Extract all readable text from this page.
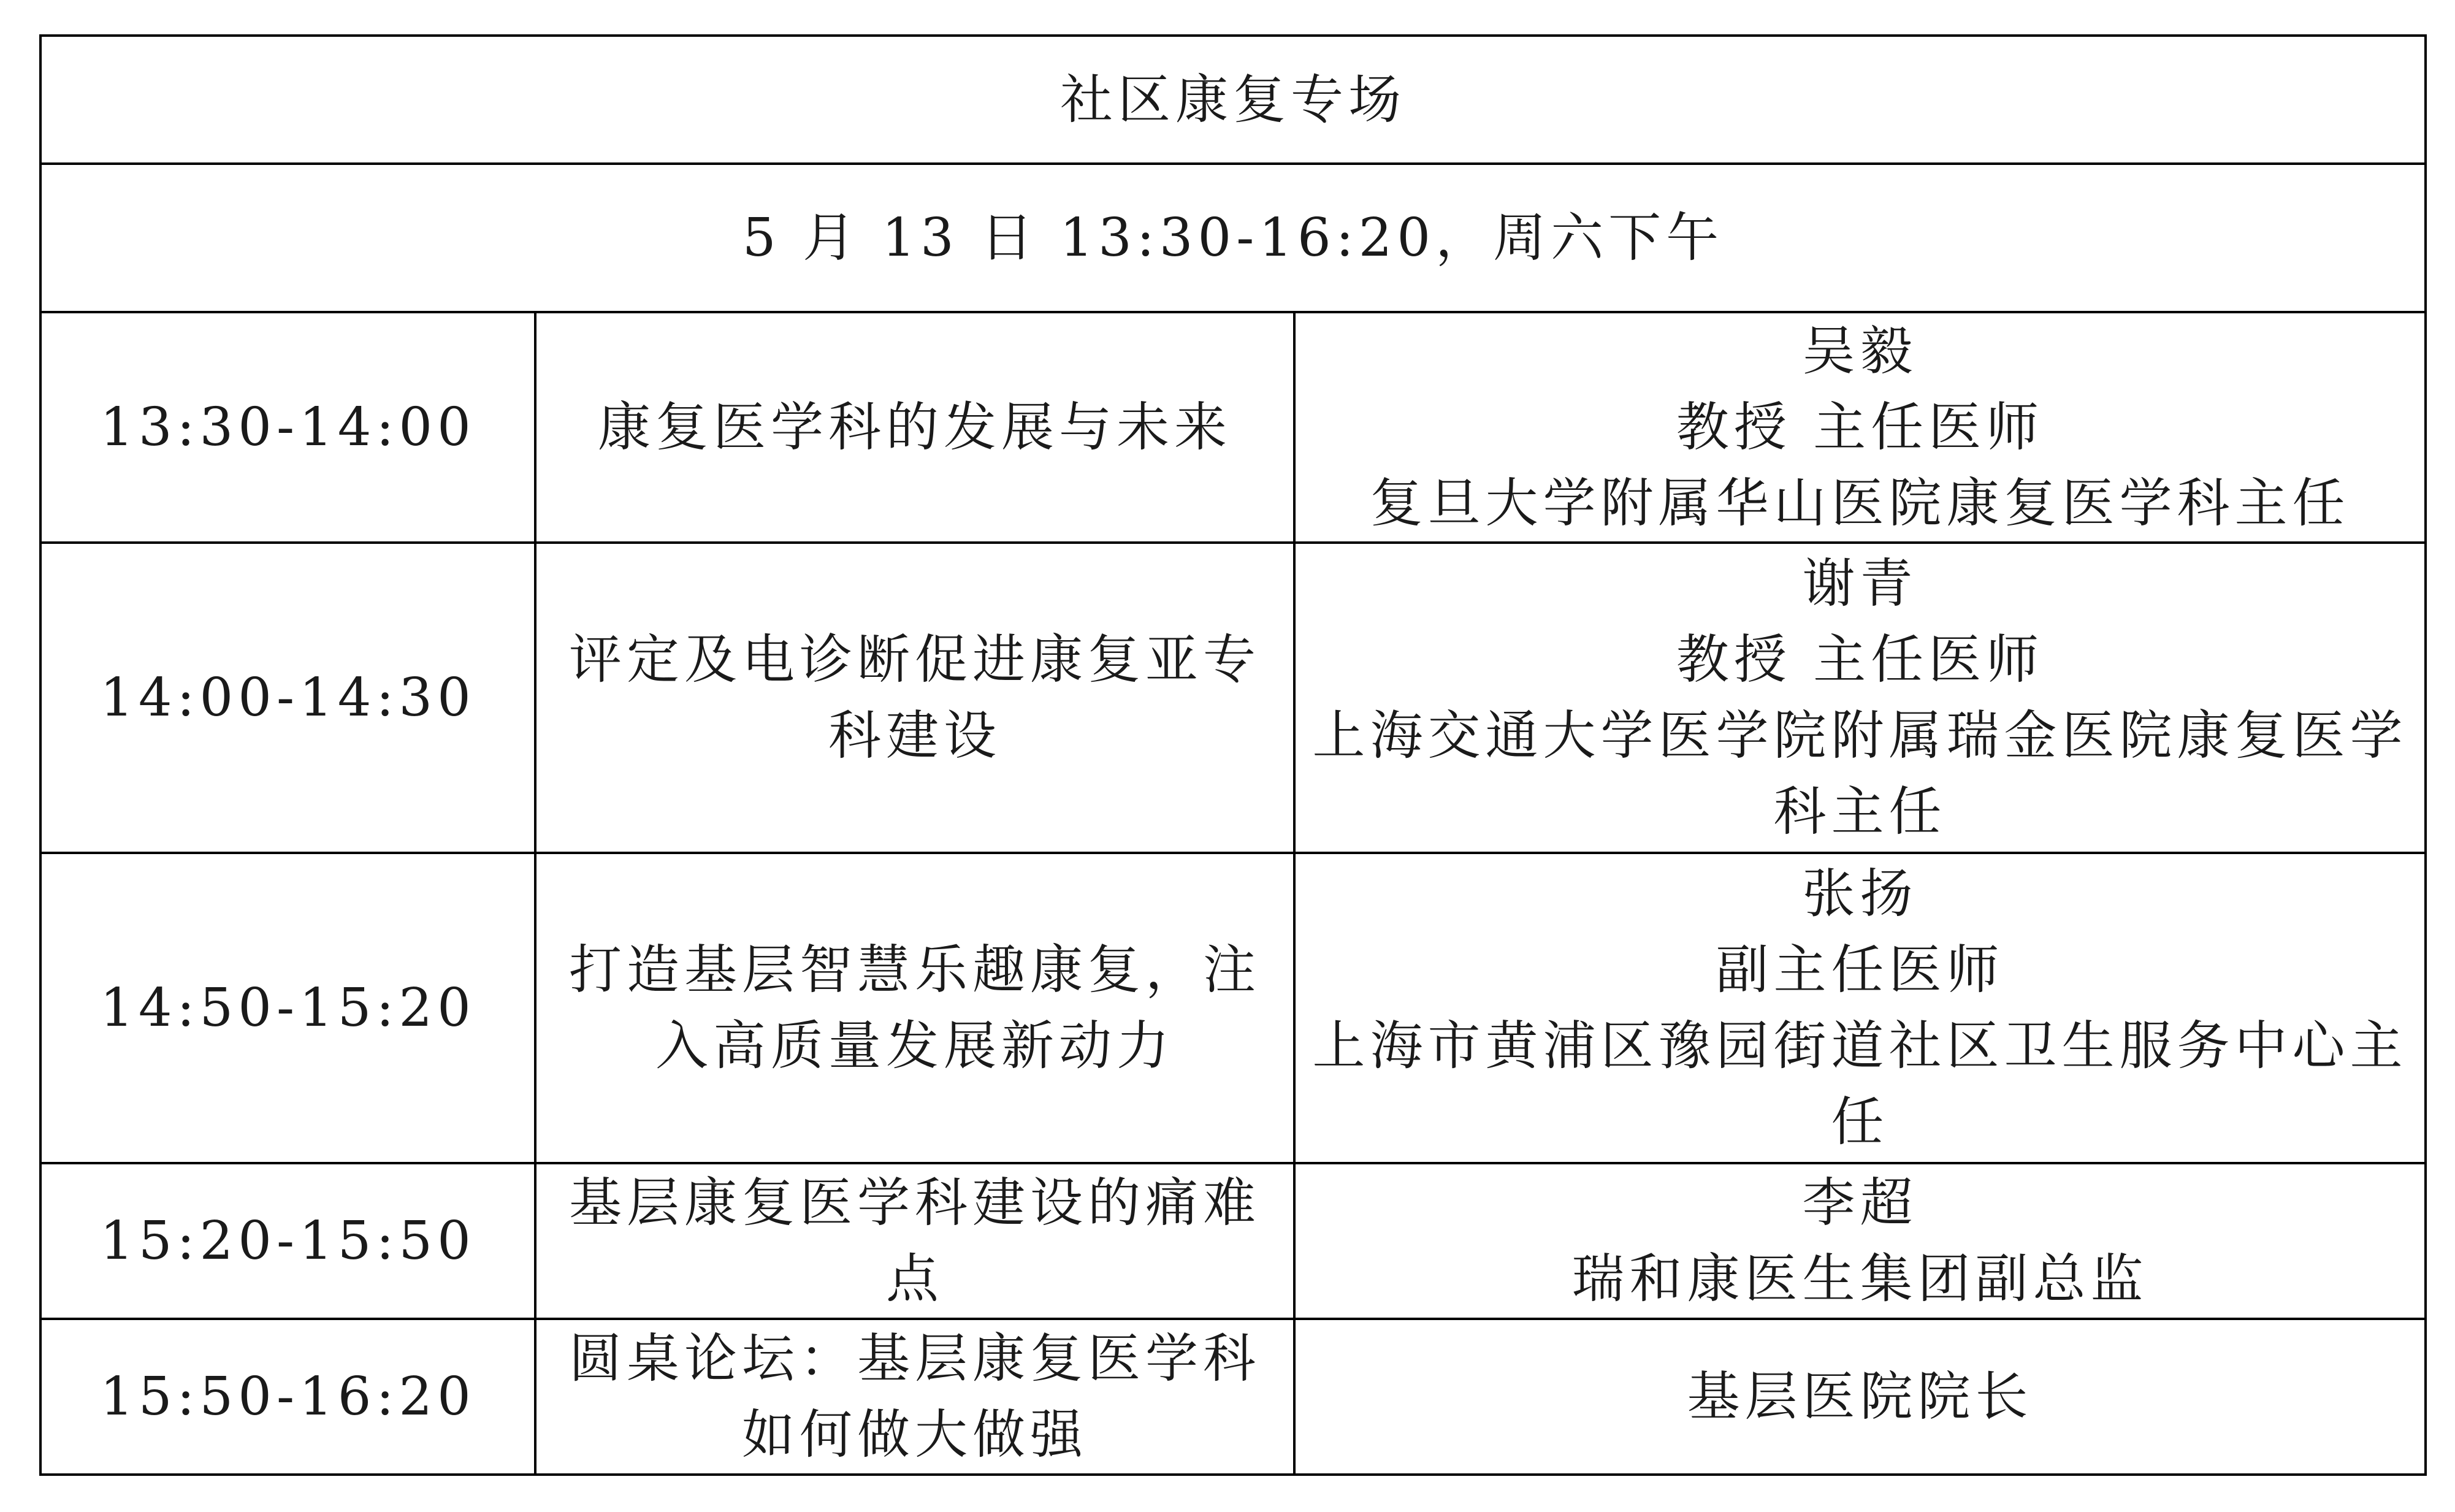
社区康复专场		
5 月 13 日 13:30-16:20，周六下午		
13:30-14:00	康复医学科的发展与未来	吴毅
教授 主任医师
复旦大学附属华山医院康复医学科主任

14:00-14:30	评定及电诊断促进康复亚专科建设	谢青
教授 主任医师
上海交通大学医学院附属瑞金医院康复医学科主任

14:50-15:20	打造基层智慧乐趣康复，注入高质量发展新动力	张扬
副主任医师
上海市黄浦区豫园街道社区卫生服务中心主任

15:20-15:50	基层康复医学科建设的痛难点	李超
瑞和康医生集团副总监

15:50-16:20	圆桌论坛：基层康复医学科如何做大做强	基层医院院长
